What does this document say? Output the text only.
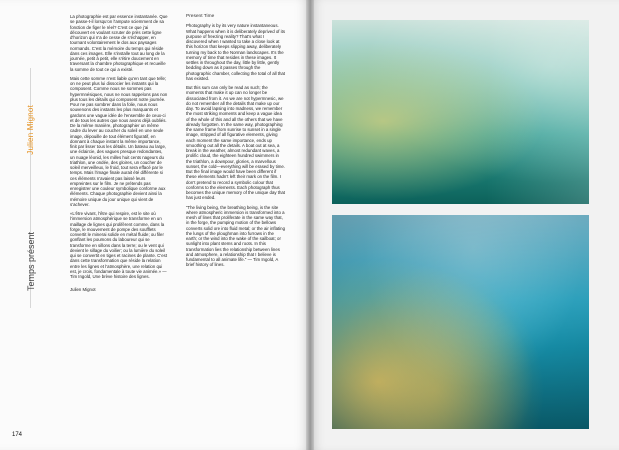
Julien Mignot
Temps présent

La photographie est par essence instantanée. Que se passe-t-il lorsqu’on l’ampute sciemment de sa fonction de figer le réel? C’est ce que j’ai découvert en voulant scruter de près cette ligne d’horizon qui n’a de cesse de s’échapper, en tournant volontairement le dos aux paysages normands. C’est la mémoire du temps qui réside dans ces images. Elle s’installe tout au long de la journée, petit à petit, elle s’étire doucement en traversant la chambre photographique et recueille la somme de tout ce qui a existé.

Mais cette somme n’est liable qu’en tant que telle; on ne peut plus lui dissocier les instants qui la composent. Comme nous ne sommes pas hypermnésiques, nous ne nous rappelons pas non plus tous les détails qui composent notre journée. Pour ne pas sombrer dans la folie, nous nous souvenons des instants les plus marquants et gardons une vague idée de l’ensemble de ceux-ci et de tous les autres que nous avons déjà oubliés. De la même manière, photographier un même cadre du lever au coucher du soleil en une seule image, dépouille de tout élément figuratif, en donnant à chaque instant la même importance, finit par lisser tous les détails. Un bateau au large, une éclaircie, des vagues presque redondantes, un nuage léonid, les milles huit cents nageurs du triathlon, une ondée, des gloires, un coucher de soleil merveilleux, le froid, tout sera effacé par le temps. Mais l’image finale aurait été différente si ces éléments n’avaient pas laissé leurs empreintes sur le film. Je ne prétends pas enregistrer une couleur symbolique conforme aux éléments. Chaque photographie devient ainsi la mémoire unique du jour unique qui vient de s’achever.

«L’être vivant, l’être qui respire, est le site où l’immersion atmosphérique se transforme en un maillage de lignes qui prolifèrent comme, dans la forge, le mouvement de pompe des soufflets convertit le minerai solide en métal fluide; ou filer gonflant les poumons du laboureur qui se transforme en sillons dans la terre; ou le vent qui devient le sillage du voilier; ou la lumière du soleil qui se convertit en tiges et racines de plante. C’est dans cette transformation que réside la relation entre les lignes et l’atmosphère, une relation qui est, je crois, fondamentale à toute vie animée.» — Tim Ingold, Une brève histoire des lignes.

Julien Mignot

Present Time

Photography is by its very nature instantaneous. What happens when it is deliberately deprived of its purpose of freezing reality? That’s what I discovered when I wanted to take a close look at this horizon that keeps slipping away, deliberately turning my back to the Norman landscapes. It’s the memory of time that resides in these images. It settles in throughout the day, little by little, gently bedding down as it passes through the photographic chamber, collecting the total of all that has existed.

But this sum can only be read as such; the moments that make it up can no longer be dissociated from it. As we are not hypermnesic, we do not remember all the details that make up our day. To avoid lapsing into madness, we remember the most striking moments and keep a vague idea of the whole of this and all the others that we have already forgotten. In the same way, photographing the same frame from sunrise to sunset in a single image, stripped of all figurative elements, giving each moment the same importance, ends up smoothing out all the details. A boat out at sea, a break in the weather, almost redundant waves, a prolific cloud, the eighteen hundred swimmers in the triathlon, a downpour, glories, a marvellous sunset, the cold—everything will be erased by time. But the final image would have been different if these elements hadn’t left their mark on the film. I don’t pretend to record a symbolic colour that conforms to the elements. Each photograph thus becomes the unique memory of the unique day that has just ended.

“The living being, the breathing being, is the site where atmospheric immersion is transformed into a mesh of lines that proliferate in the same way that, in the forge, the pumping motion of the bellows converts solid ore into fluid metal; or the air inflating the lungs of the ploughman into furrows in the earth; or the wind into the wake of the sailboat; or sunlight into plant stems and roots. In this transformation lies the relationship between lines and atmosphere, a relationship that I believe is fundamental to all animate life.” — Tim Ingold, A brief history of lines.

174
